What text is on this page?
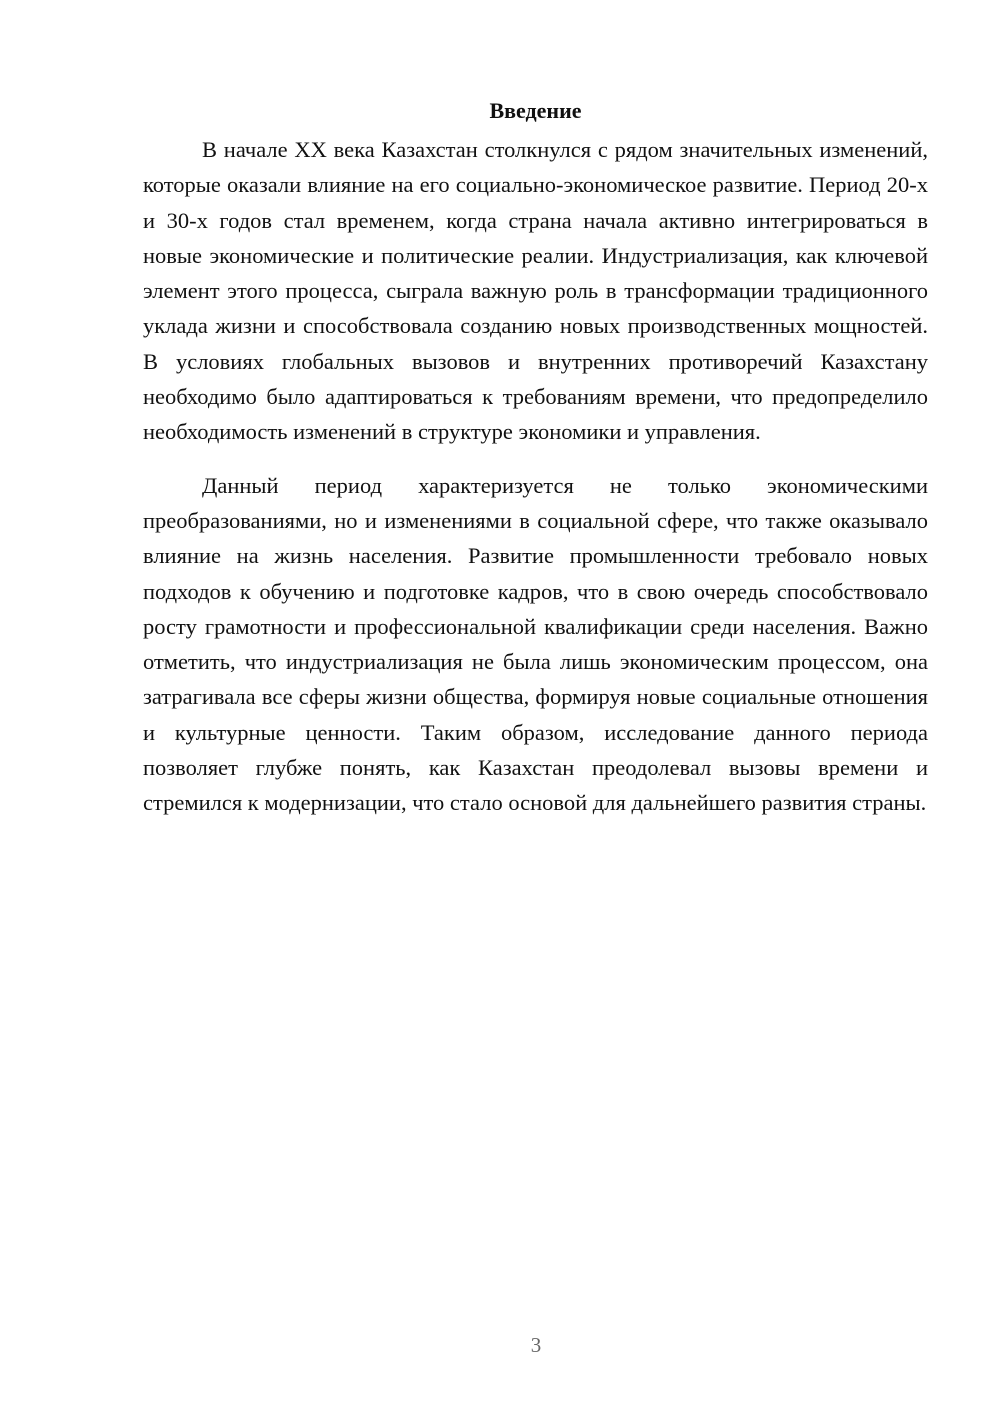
Введение

В начале XX века Казахстан столкнулся с рядом значительных изменений, которые оказали влияние на его социально-экономическое развитие. Период 20-х и 30-х годов стал временем, когда страна начала активно интегрироваться в новые экономические и политические реалии. Индустриализация, как ключевой элемент этого процесса, сыграла важную роль в трансформации традиционного уклада жизни и способствовала созданию новых производственных мощностей. В условиях глобальных вызовов и внутренних противоречий Казахстану необходимо было адаптироваться к требованиям времени, что предопределило необходимость изменений в структуре экономики и управления.

Данный период характеризуется не только экономическими преобразованиями, но и изменениями в социальной сфере, что также оказывало влияние на жизнь населения. Развитие промышленности требовало новых подходов к обучению и подготовке кадров, что в свою очередь способствовало росту грамотности и профессиональной квалификации среди населения. Важно отметить, что индустриализация не была лишь экономическим процессом, она затрагивала все сферы жизни общества, формируя новые социальные отношения и культурные ценности. Таким образом, исследование данного периода позволяет глубже понять, как Казахстан преодолевал вызовы времени и стремился к модернизации, что стало основой для дальнейшего развития страны.

3
